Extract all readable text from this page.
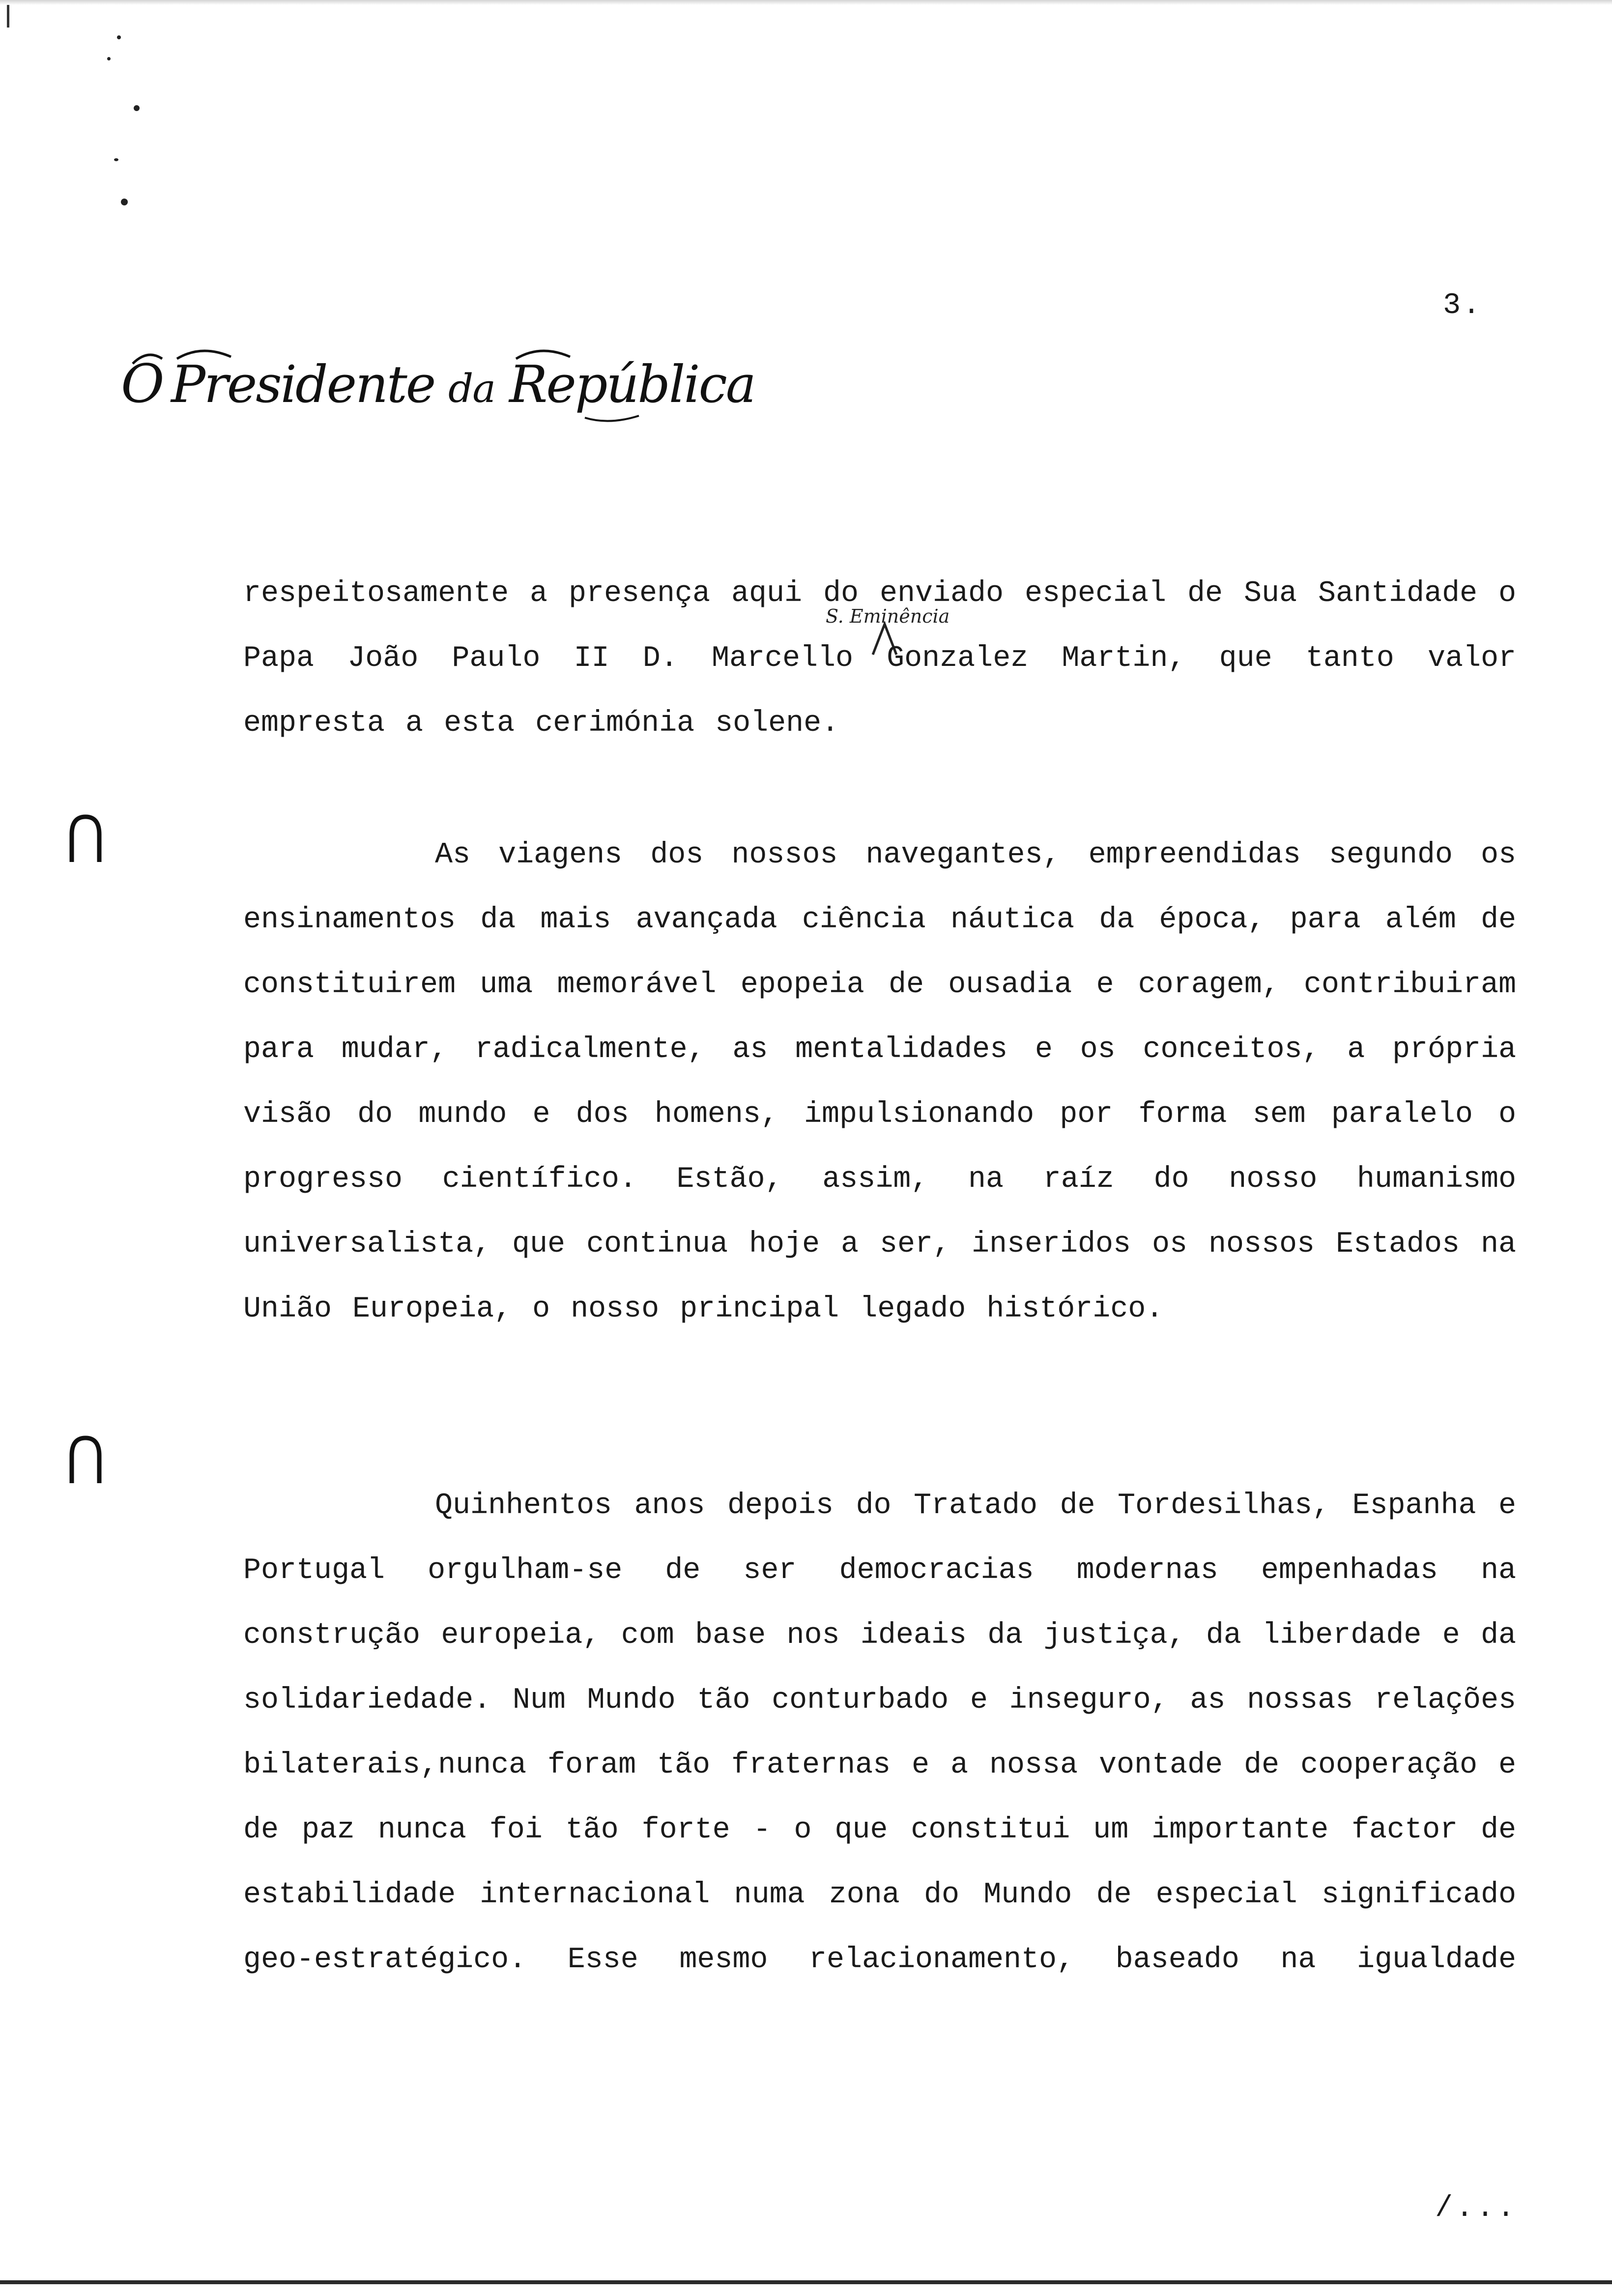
3.
O Presidente da República
S. Eminência

respeitosamente a presença aqui do enviado especial de Sua Santidade o Papa João Paulo II D. Marcello Gonzalez Martin, que tanto valor empresta a esta cerimónia solene.

As viagens dos nossos navegantes, empreendidas segundo os ensinamentos da mais avançada ciência náutica da época, para além de constituirem uma memorável epopeia de ousadia e coragem, contribuiram para mudar, radicalmente, as mentalidades e os conceitos, a própria visão do mundo e dos homens, impulsionando por forma sem paralelo o progresso científico. Estão, assim, na raíz do nosso humanismo universalista, que continua hoje a ser, inseridos os nossos Estados na União Europeia, o nosso principal legado histórico.

Quinhentos anos depois do Tratado de Tordesilhas, Espanha e Portugal orgulham-se de ser democracias modernas empenhadas na construção europeia, com base nos ideais da justiça, da liberdade e da solidariedade. Num Mundo tão conturbado e inseguro, as nossas relações bilaterais,nunca foram tão fraternas e a nossa vontade de cooperação e de paz nunca foi tão forte - o que constitui um importante factor de estabilidade internacional numa zona do Mundo de especial significado geo-estratégico. Esse mesmo relacionamento, baseado na igualdade

/...
